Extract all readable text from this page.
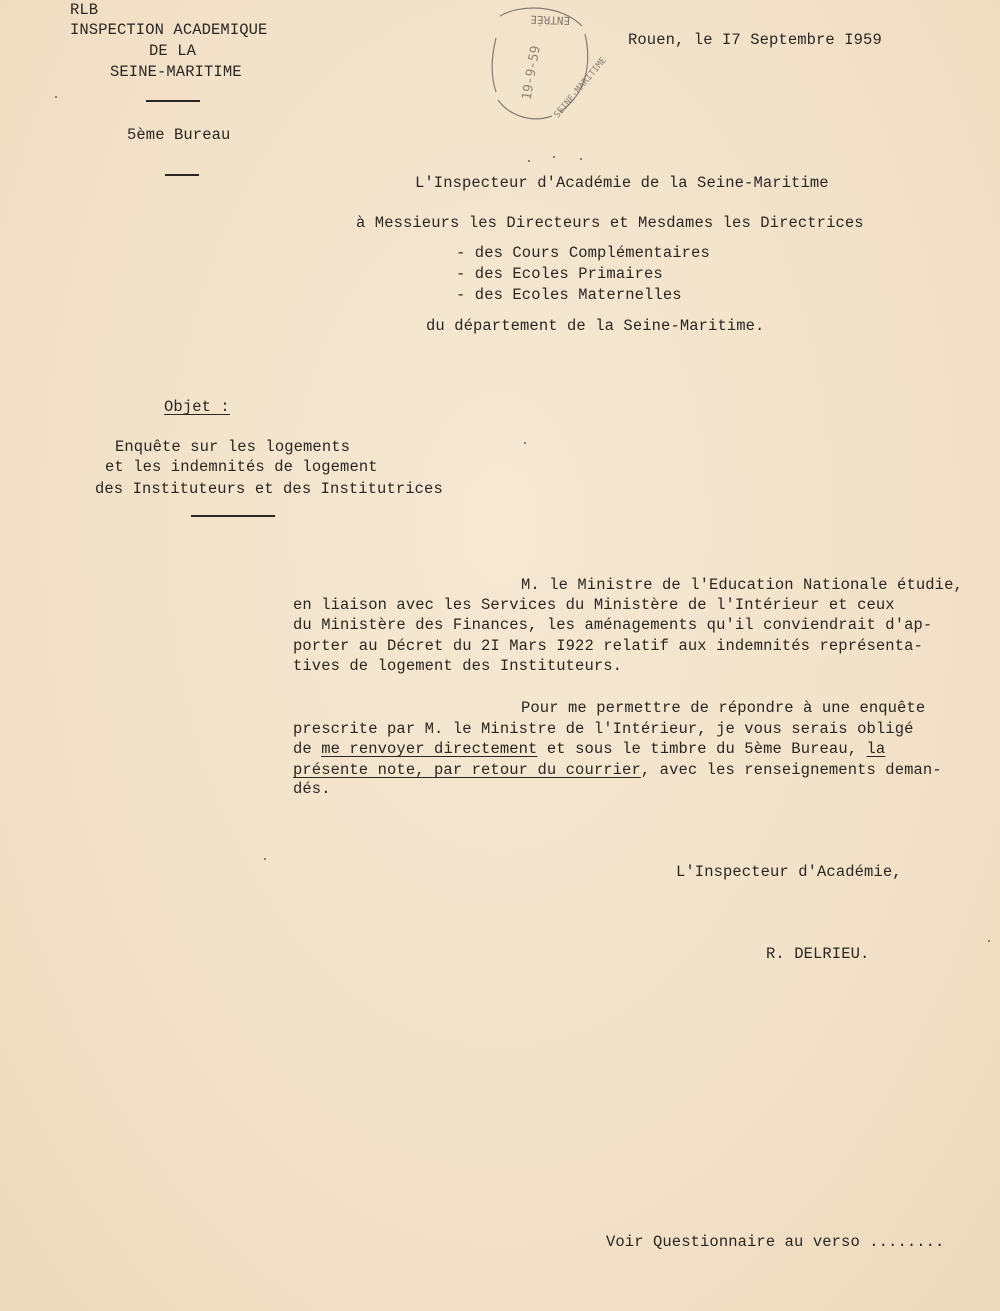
RLB
INSPECTION ACADEMIQUE
DE LA
SEINE-MARITIME
5ème Bureau
ENTRÉE
19-9-59 SEINE-MARITIME
Rouen, le I7 Septembre I959
L'Inspecteur d'Académie de la Seine-Maritime
à Messieurs les Directeurs et Mesdames les Directrices
- des Cours Complémentaires
- des Ecoles Primaires
- des Ecoles Maternelles
du département de la Seine-Maritime.
Objet :
Enquête sur les logements
et les indemnités de logement
des Instituteurs et des Institutrices
M. le Ministre de l'Education Nationale étudie,
en liaison avec les Services du Ministère de l'Intérieur et ceux
du Ministère des Finances, les aménagements qu'il conviendrait d'ap-
porter au Décret du 2I Mars I922 relatif aux indemnités représenta-
tives de logement des Instituteurs.
Pour me permettre de répondre à une enquête
prescrite par M. le Ministre de l'Intérieur, je vous serais obligé
de me renvoyer directement et sous le timbre du 5ème Bureau, la
présente note, par retour du courrier, avec les renseignements deman-
dés.
L'Inspecteur d'Académie,
R. DELRIEU.
Voir Questionnaire au verso ........
